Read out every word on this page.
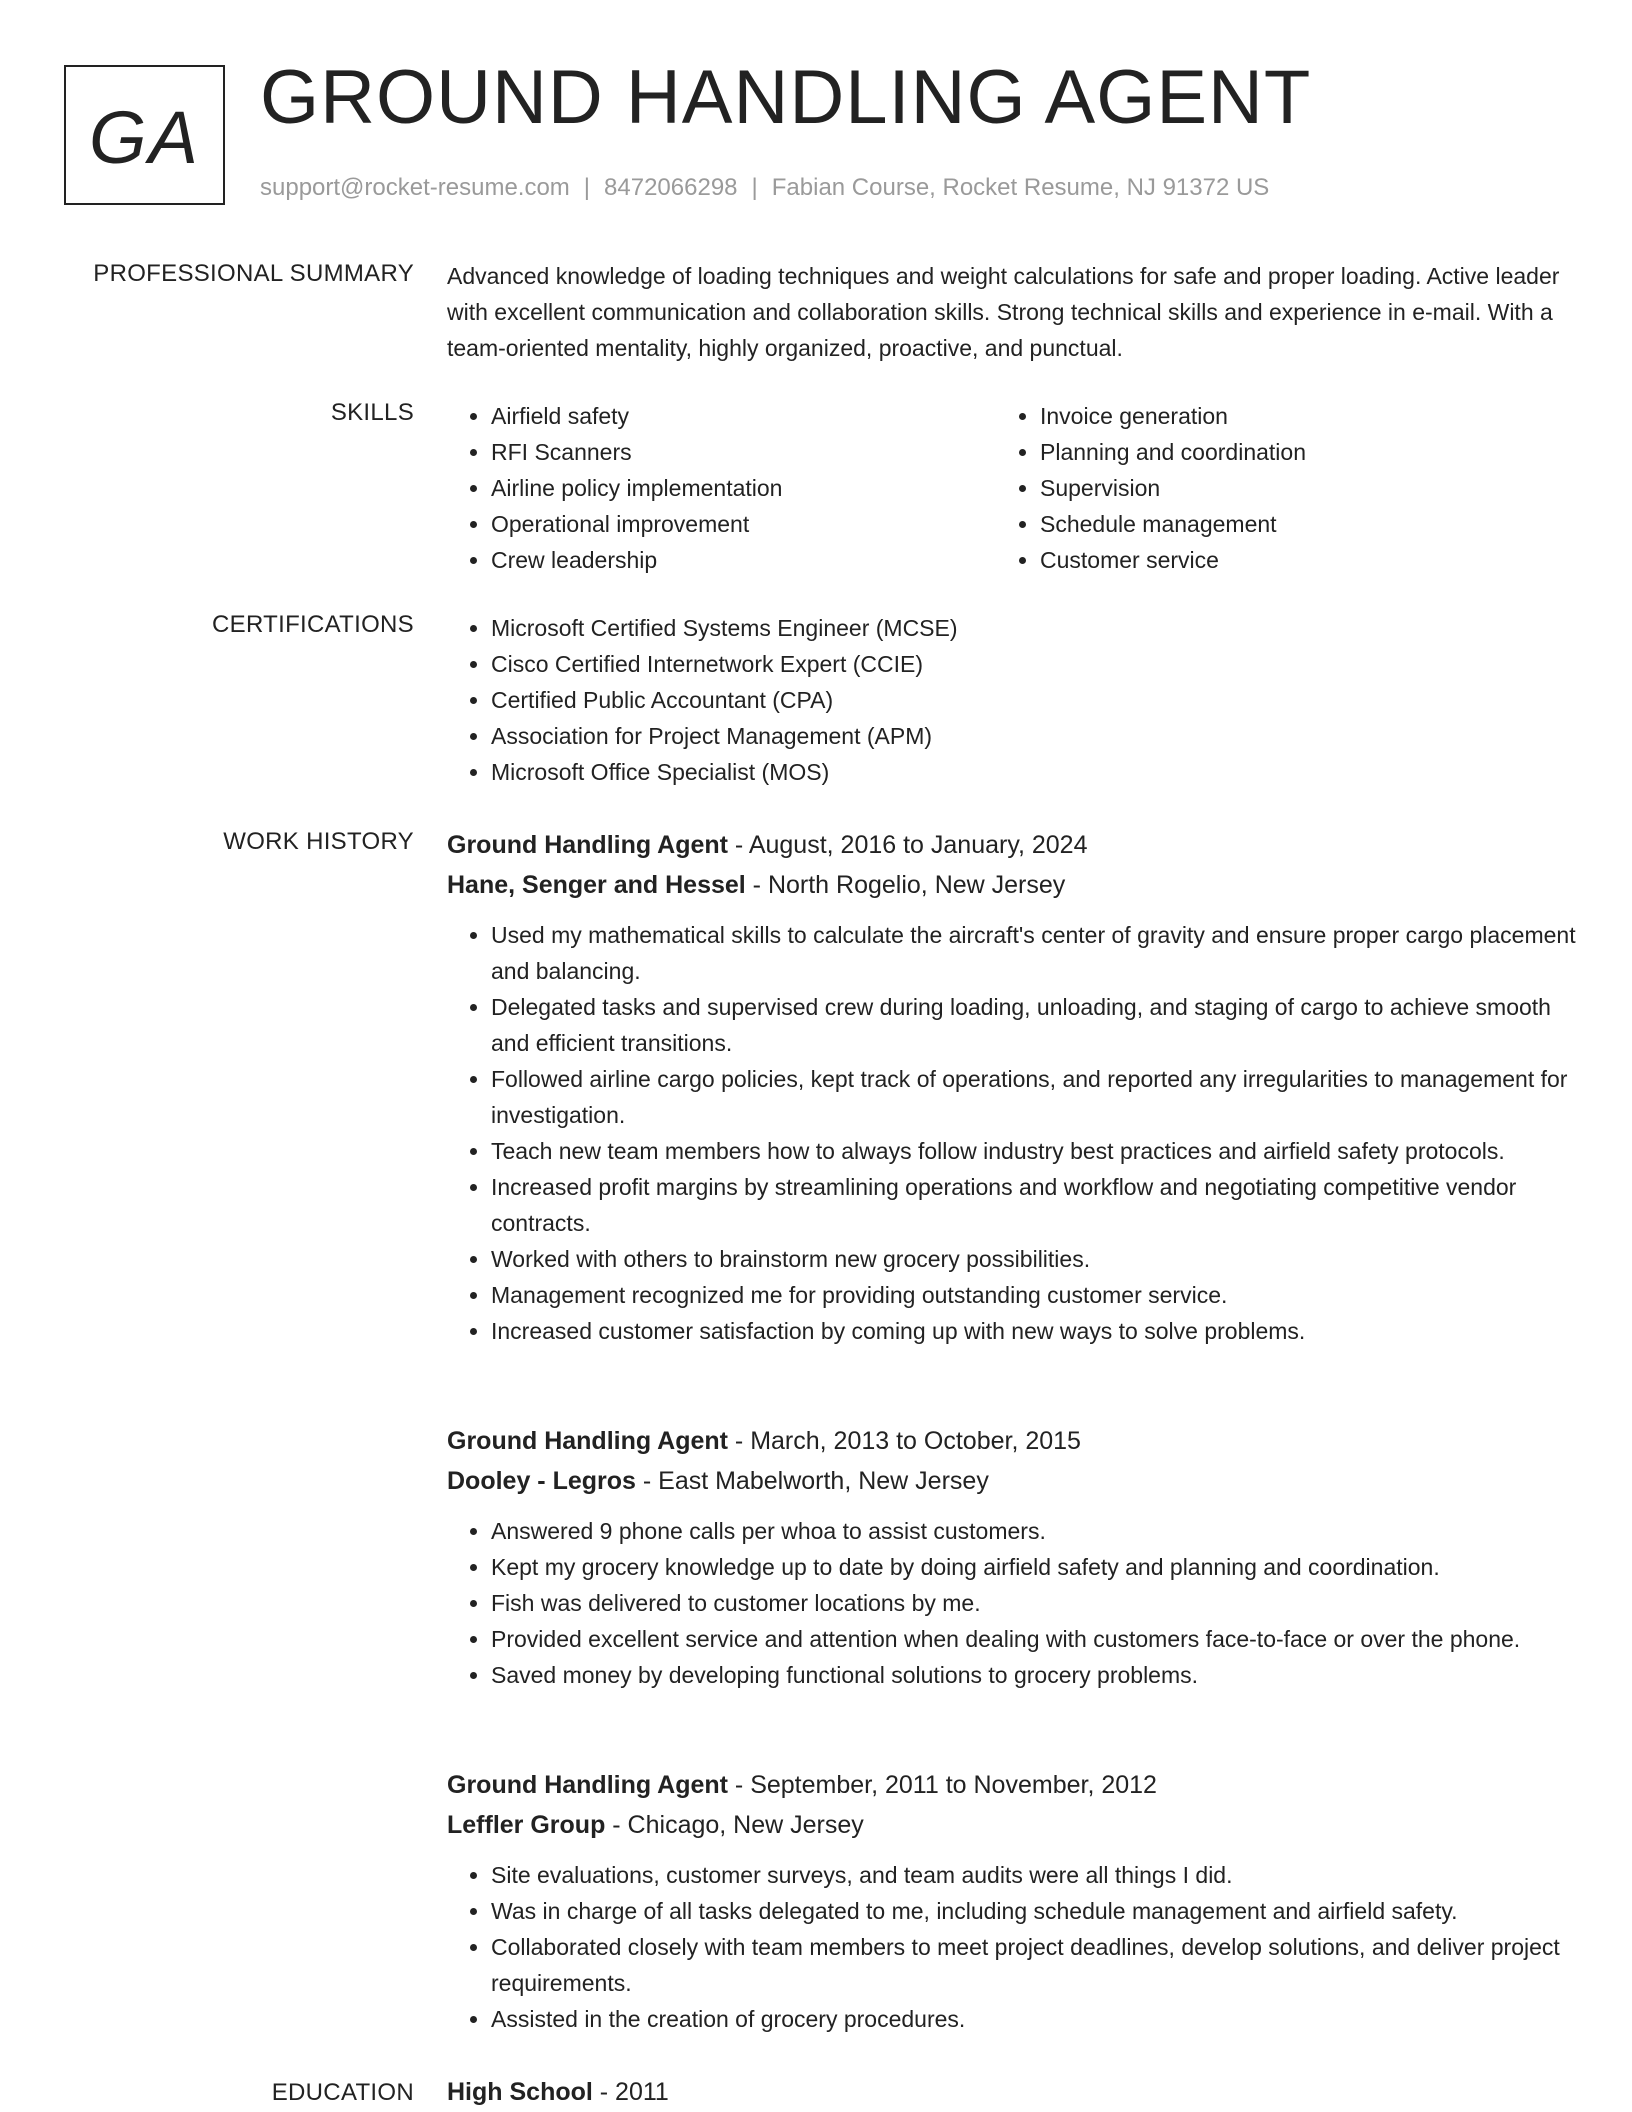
GA GROUND HANDLING AGENT
support@rocket-resume.com | 8472066298 | Fabian Course, Rocket Resume, NJ 91372 US
PROFESSIONAL SUMMARY Advanced knowledge of loading techniques and weight calculations for safe and proper loading. Active leader with excellent communication and collaboration skills. Strong technical skills and experience in e-mail. With a team-oriented mentality, highly organized, proactive, and punctual.

SKILLS	• Airfield safety
• RFI Scanners
• Airline policy implementation
• Operational improvement
• Crew leadership
• Invoice generation
• Planning and coordination
• Supervision
• Schedule management
• Customer service
CERTIFICATIONS	• Microsoft Certified Systems Engineer (MCSE)
• Cisco Certified Internetwork Expert (CCIE)
• Certified Public Accountant (CPA)
• Association for Project Management (APM)
• Microsoft Office Specialist (MOS)
WORK HISTORY Ground Handling Agent - August, 2016 to January, 2024
Hane, Senger and Hessel - North Rogelio, New Jersey
• Used my mathematical skills to calculate the aircraft's center of gravity and ensure proper cargo placement and balancing.
• Delegated tasks and supervised crew during loading, unloading, and staging of cargo to achieve smooth and efficient transitions.
• Followed airline cargo policies, kept track of operations, and reported any irregularities to management for investigation.
• Teach new team members how to always follow industry best practices and airfield safety protocols.
• Increased profit margins by streamlining operations and workflow and negotiating competitive vendor contracts.
• Worked with others to brainstorm new grocery possibilities.
• Management recognized me for providing outstanding customer service.
• Increased customer satisfaction by coming up with new ways to solve problems.
Ground Handling Agent - March, 2013 to October, 2015
Dooley - Legros - East Mabelworth, New Jersey
• Answered 9 phone calls per whoa to assist customers.
• Kept my grocery knowledge up to date by doing airfield safety and planning and coordination.
• Fish was delivered to customer locations by me.
• Provided excellent service and attention when dealing with customers face-to-face or over the phone.
• Saved money by developing functional solutions to grocery problems.
Ground Handling Agent - September, 2011 to November, 2012
Leffler Group - Chicago, New Jersey
• Site evaluations, customer surveys, and team audits were all things I did.
• Was in charge of all tasks delegated to me, including schedule management and airfield safety.
• Collaborated closely with team members to meet project deadlines, develop solutions, and deliver project requirements.
• Assisted in the creation of grocery procedures.
EDUCATION High School - 2011
